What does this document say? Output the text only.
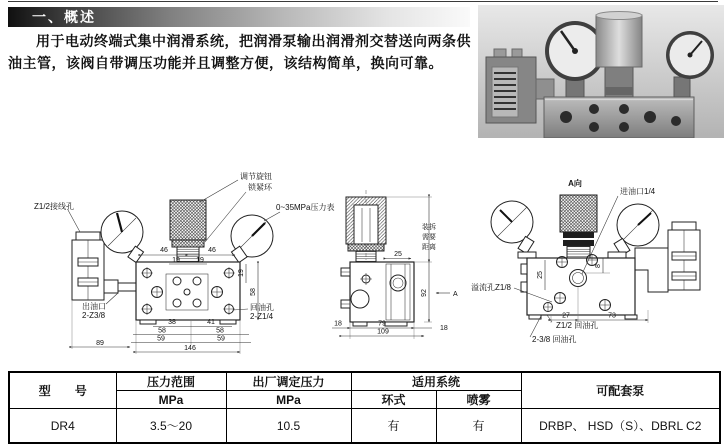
一、概述
用于电动终端式集中润滑系统，把润滑泵输出润滑剂交替送向两条供油主管，该阀自带调压功能并且调整方便，该结构简单，换向可靠。
Z1/2接线孔
调节旋钮
锁紧环
0~35MPa压力表
出油口
2-Z3/8
回油孔
2-Z1/4
46	46
19 19
19
58
38	41
58	58
59	59
146
89
25
92
装拆
需要
距离
A
18	79
18
109
A向
进油口1/4
溢流孔Z1/8
Z1/2 回油孔
2-3/8 回油孔
27	73
25
8
型　　号	压力范围	出厂调定压力	适用系统		可配套泵
	MPa	MPa	环式	喷雾	
DR4	3.5～20	10.5	有	有	DRBP、 HSD（S）、DBRL C2
